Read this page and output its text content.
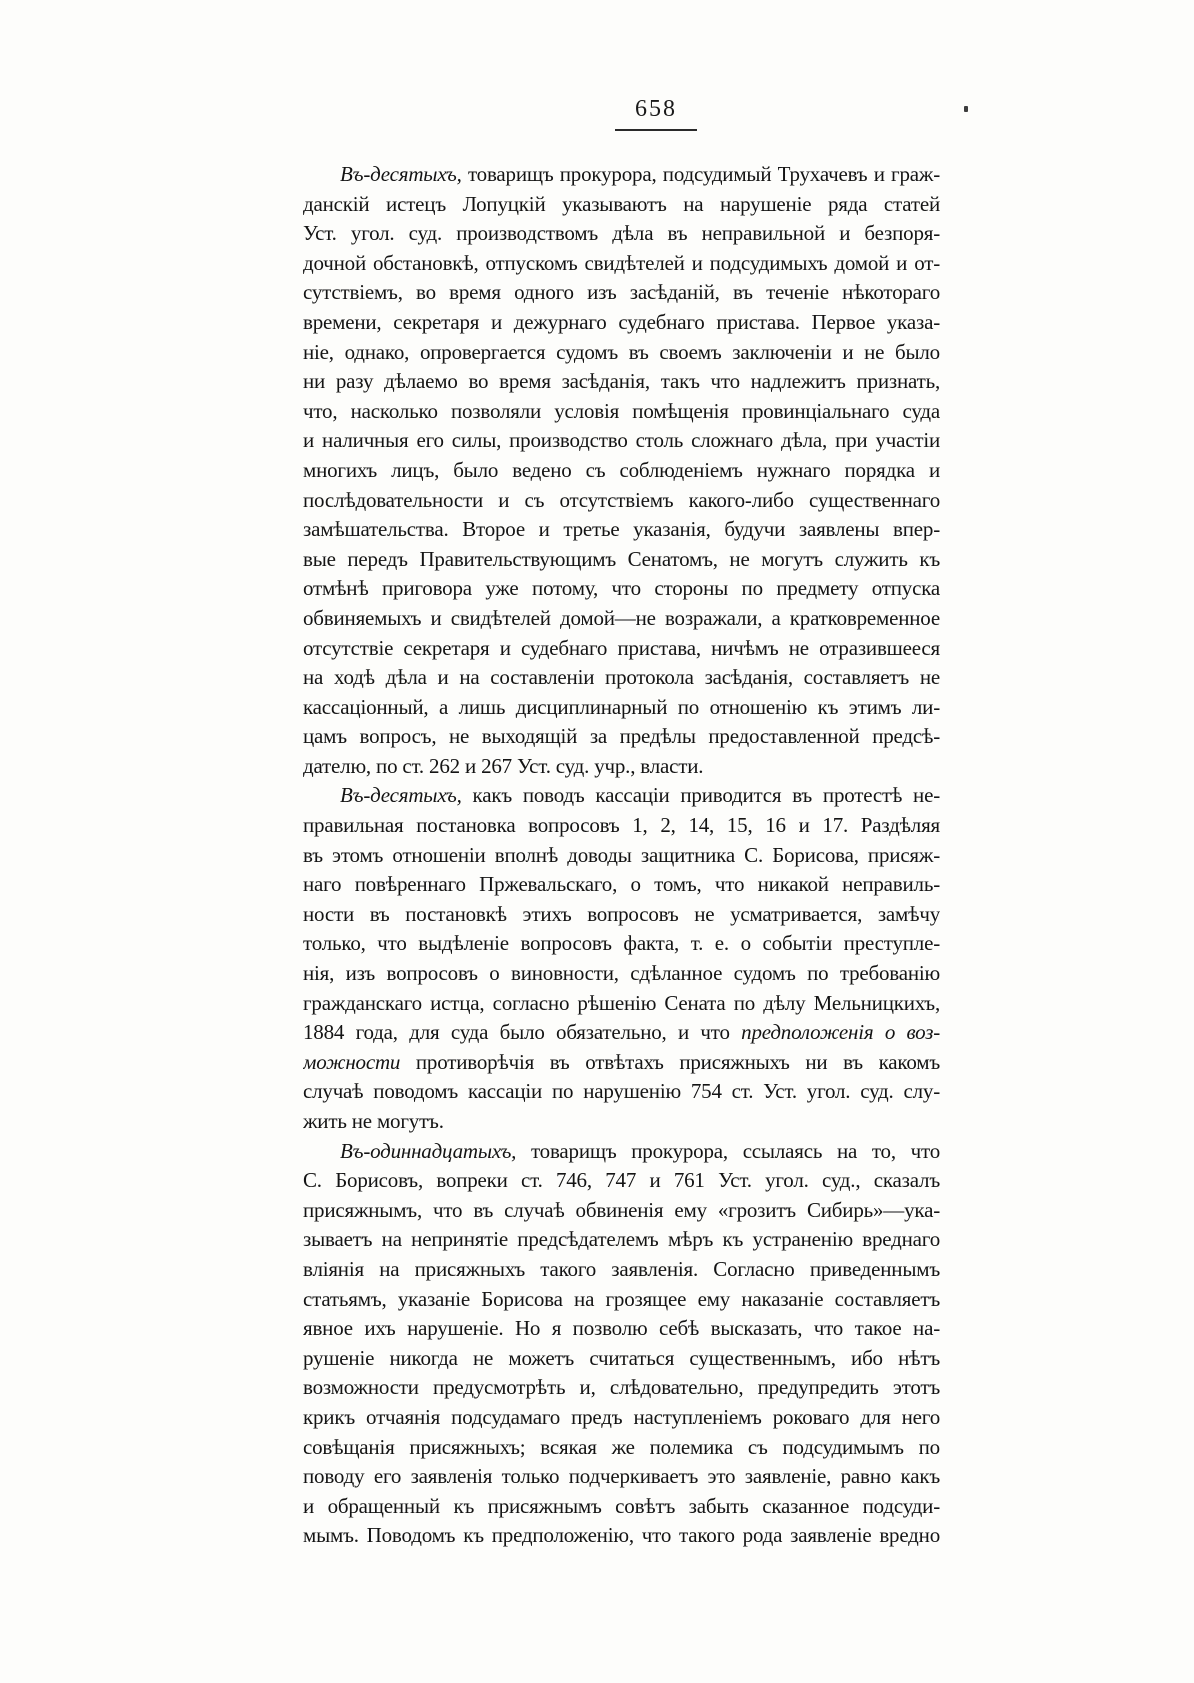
658
Въ-десятыхъ, товарищъ прокурора, подсудимый Трухачевъ и граж-
данскій истецъ Лопуцкій указываютъ на нарушеніе ряда статей
Уст. угол. суд. производствомъ дѣла въ неправильной и безпоря-
дочной обстановкѣ, отпускомъ свидѣтелей и подсудимыхъ домой и от-
сутствіемъ, во время одного изъ засѣданій, въ теченіе нѣкотораго
времени, секретаря и дежурнаго судебнаго пристава. Первое указа-
ніе, однако, опровергается судомъ въ своемъ заключеніи и не было
ни разу дѣлаемо во время засѣданія, такъ что надлежитъ признать,
что, насколько позволяли условія помѣщенія провинціальнаго суда
и наличныя его силы, производство столь сложнаго дѣла, при участіи
многихъ лицъ, было ведено съ соблюденіемъ нужнаго порядка и
послѣдовательности и съ отсутствіемъ какого-либо существеннаго
замѣшательства. Второе и третье указанія, будучи заявлены впер-
вые передъ Правительствующимъ Сенатомъ, не могутъ служить къ
отмѣнѣ приговора уже потому, что стороны по предмету отпуска
обвиняемыхъ и свидѣтелей домой—не возражали, а кратковременное
отсутствіе секретаря и судебнаго пристава, ничѣмъ не отразившееся
на ходѣ дѣла и на составленіи протокола засѣданія, составляетъ не
кассаціонный, а лишь дисциплинарный по отношенію къ этимъ ли-
цамъ вопросъ, не выходящій за предѣлы предоставленной предсѣ-
дателю, по ст. 262 и 267 Уст. суд. учр., власти.
Въ-десятыхъ, какъ поводъ кассаціи приводится въ протестѣ не-
правильная постановка вопросовъ 1, 2, 14, 15, 16 и 17. Раздѣляя
въ этомъ отношеніи вполнѣ доводы защитника С. Борисова, присяж-
наго повѣреннаго Пржевальскаго, о томъ, что никакой неправиль-
ности въ постановкѣ этихъ вопросовъ не усматривается, замѣчу
только, что выдѣленіе вопросовъ факта, т. е. о событіи преступле-
нія, изъ вопросовъ о виновности, сдѣланное судомъ по требованію
гражданскаго истца, согласно рѣшенію Сената по дѣлу Мельницкихъ,
1884 года, для суда было обязательно, и что предположенія о воз-
можности противорѣчія въ отвѣтахъ присяжныхъ ни въ какомъ
случаѣ поводомъ кассаціи по нарушенію 754 ст. Уст. угол. суд. слу-
жить не могутъ.
Въ-одиннадцатыхъ, товарищъ прокурора, ссылаясь на то, что
С. Борисовъ, вопреки ст. 746, 747 и 761 Уст. угол. суд., сказалъ
присяжнымъ, что въ случаѣ обвиненія ему «грозитъ Сибирь»—ука-
зываетъ на непринятіе предсѣдателемъ мѣръ къ устраненію вреднаго
вліянія на присяжныхъ такого заявленія. Согласно приведеннымъ
статьямъ, указаніе Борисова на грозящее ему наказаніе составляетъ
явное ихъ нарушеніе. Но я позволю себѣ высказать, что такое на-
рушеніе никогда не можетъ считаться существеннымъ, ибо нѣтъ
возможности предусмотрѣть и, слѣдовательно, предупредить этотъ
крикъ отчаянія подсудамаго предъ наступленіемъ роковаго для него
совѣщанія присяжныхъ; всякая же полемика съ подсудимымъ по
поводу его заявленія только подчеркиваетъ это заявленіе, равно какъ
и обращенный къ присяжнымъ совѣтъ забыть сказанное подсуди-
мымъ. Поводомъ къ предположенію, что такого рода заявленіе вредно
